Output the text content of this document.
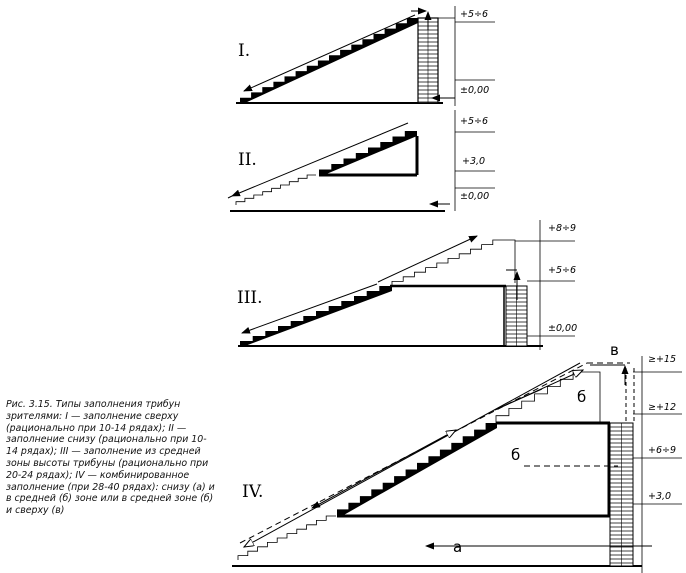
I.
+5÷6
±0,00
II.
+5÷6
+3,0
±0,00
III.
+8÷9
+5÷6
±0,00
IV.
в
б
б
а
≥+15
≥+12
+6÷9
+3,0

Рис. 3.15. Типы заполнения трибун зрителями: I — заполнение сверху (рационально при 10-14 рядах); II — заполнение снизу (рационально при 10-14 рядах); III — заполнение из средней зоны высоты трибуны (рационально при 20-24 рядах); IV — комбинированное заполнение (при 28-40 рядах): снизу (а) и в средней (б) зоне или в средней зоне (б) и сверху (в)
